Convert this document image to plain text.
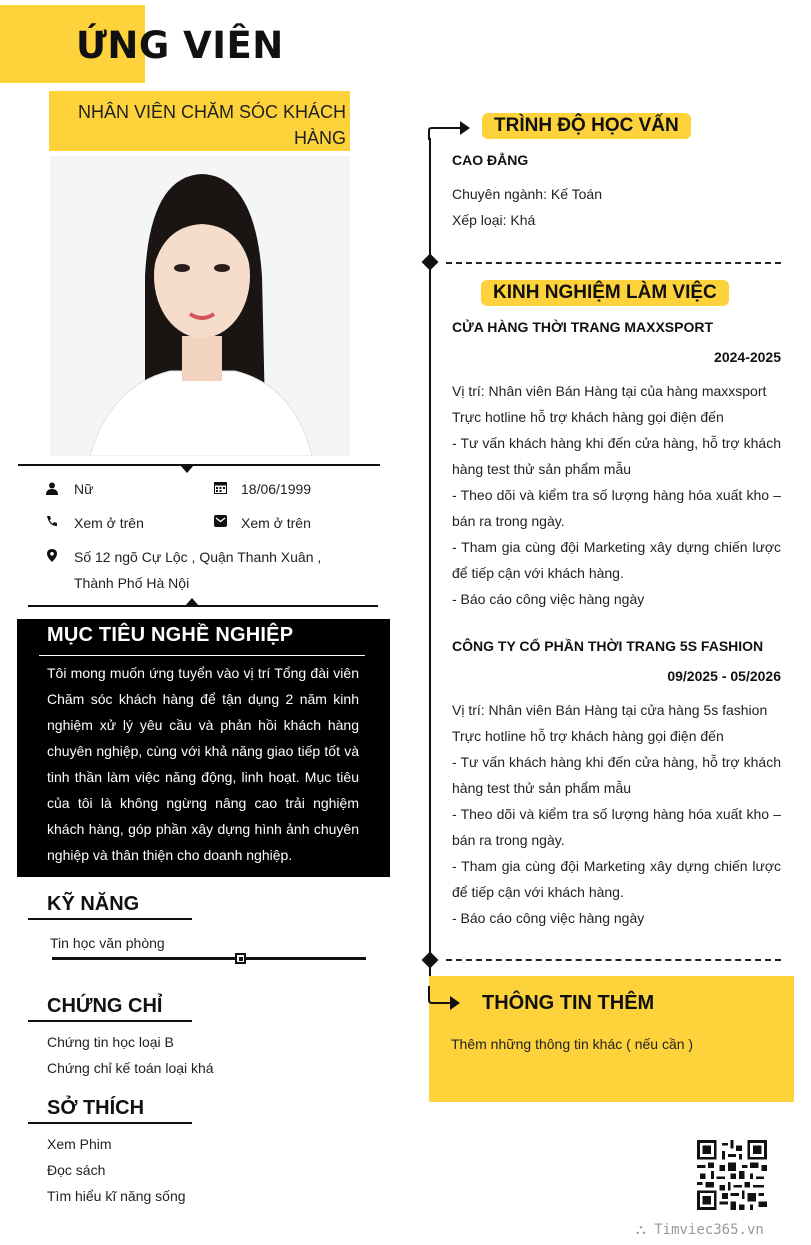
ỨNG VIÊN
NHÂN VIÊN CHĂM SÓC KHÁCH HÀNG
Nữ	18/06/1999
Xem ở trên	Xem ở trên
Số 12 ngõ Cự Lộc , Quận Thanh Xuân ,
Thành Phố Hà Nội
MỤC TIÊU NGHỀ NGHIỆP
Tôi mong muốn ứng tuyển vào vị trí Tổng đài viên Chăm sóc khách hàng để tận dụng 2 năm kinh nghiệm xử lý yêu cầu và phản hồi khách hàng chuyên nghiệp, cùng với khả năng giao tiếp tốt và tinh thần làm việc năng động, linh hoạt. Mục tiêu của tôi là không ngừng nâng cao trải nghiệm khách hàng, góp phần xây dựng hình ảnh chuyên nghiệp và thân thiện cho doanh nghiệp.
KỸ NĂNG
Tin học văn phòng
CHỨNG CHỈ
Chứng tin học loại B
Chứng chỉ kế toán loại khá
SỞ THÍCH
Xem Phim
Đọc sách
Tìm hiểu kĩ năng sống
TRÌNH ĐỘ HỌC VẤN
CAO ĐẲNG
Chuyên ngành: Kế Toán
Xếp loại: Khá
KINH NGHIỆM LÀM VIỆC
CỬA HÀNG THỜI TRANG MAXXSPORT
2024-2025
Vị trí: Nhân viên Bán Hàng tại của hàng maxxsport
Trực hotline hỗ trợ khách hàng gọi điện đến
- Tư vấn khách hàng khi đến cửa hàng, hỗ trợ khách hàng test thử sản phẩm mẫu
- Theo dõi và kiểm tra số lượng hàng hóa xuất kho – bán ra trong ngày.
- Tham gia cùng đội Marketing xây dựng chiến lược để tiếp cận với khách hàng.
- Báo cáo công việc hàng ngày
CÔNG TY CỔ PHẦN THỜI TRANG 5S FASHION
09/2025 - 05/2026
Vị trí: Nhân viên Bán Hàng tại cửa hàng 5s fashion
Trực hotline hỗ trợ khách hàng gọi điện đến
- Tư vấn khách hàng khi đến cửa hàng, hỗ trợ khách hàng test thử sản phẩm mẫu
- Theo dõi và kiểm tra số lượng hàng hóa xuất kho – bán ra trong ngày.
- Tham gia cùng đội Marketing xây dựng chiến lược để tiếp cận với khách hàng.
- Báo cáo công việc hàng ngày
THÔNG TIN THÊM
Thêm những thông tin khác ( nếu cần )
⛬ Timviec365.vn
